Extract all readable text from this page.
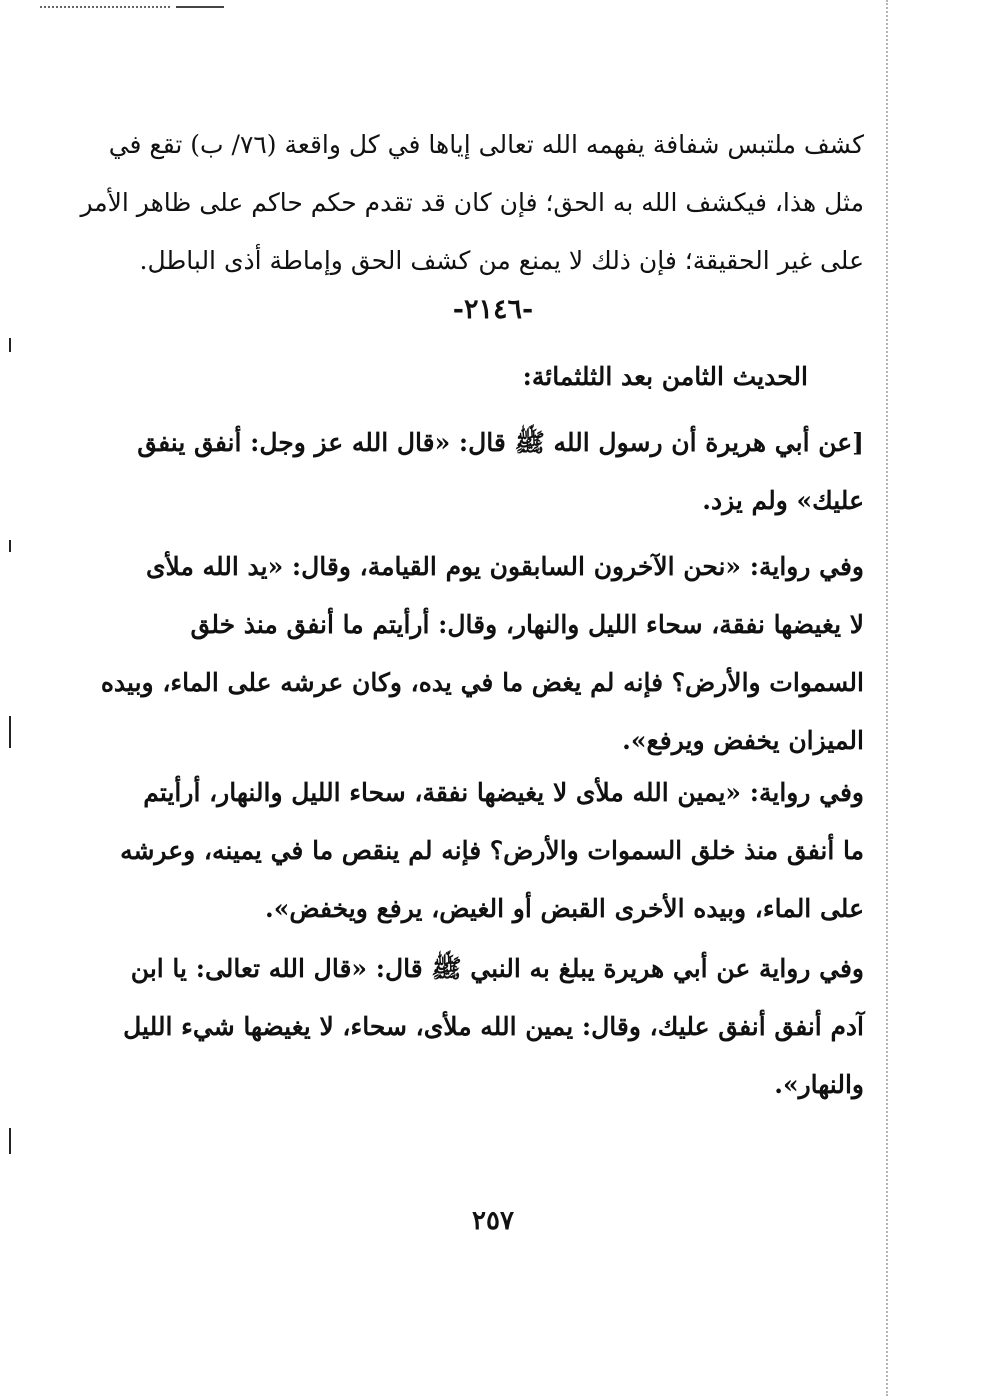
كشف ملتبس شفافة يفهمه الله تعالى إياها في كل واقعة (٧٦/ ب) تقع في
مثل هذا، فيكشف الله به الحق؛ فإن كان قد تقدم حكم حاكم على ظاهر الأمر
على غير الحقيقة؛ فإن ذلك لا يمنع من كشف الحق وإماطة أذى الباطل.
-٢١٤٦-
الحديث الثامن بعد الثلثمائة:
[عن أبي هريرة أن رسول الله ﷺ قال: «قال الله عز وجل: أنفق ينفق
عليك» ولم يزد.
وفي رواية: «نحن الآخرون السابقون يوم القيامة، وقال: «يد الله ملأى
لا يغيضها نفقة، سحاء الليل والنهار، وقال: أرأيتم ما أنفق منذ خلق
السموات والأرض؟ فإنه لم يغض ما في يده، وكان عرشه على الماء، وبيده
الميزان يخفض ويرفع».
وفي رواية: «يمين الله ملأى لا يغيضها نفقة، سحاء الليل والنهار، أرأيتم
ما أنفق منذ خلق السموات والأرض؟ فإنه لم ينقص ما في يمينه، وعرشه
على الماء، وبيده الأخرى القبض أو الغيض، يرفع ويخفض».
وفي رواية عن أبي هريرة يبلغ به النبي ﷺ قال: «قال الله تعالى: يا ابن
آدم أنفق أنفق عليك، وقال: يمين الله ملأى، سحاء، لا يغيضها شيء الليل
والنهار».
٢٥٧
